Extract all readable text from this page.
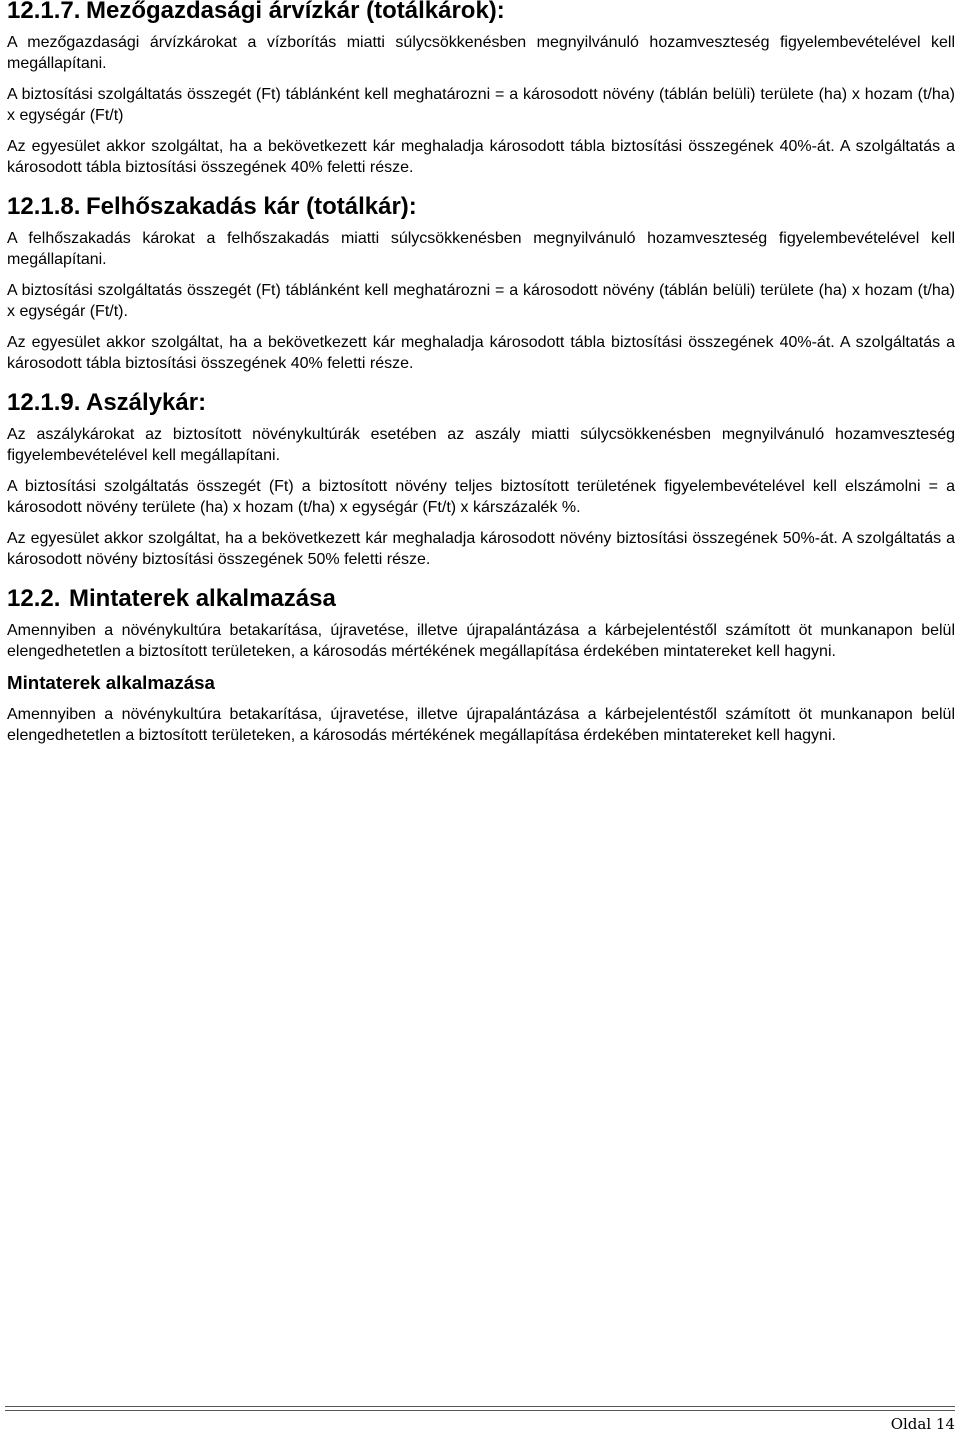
12.1.7. Mezőgazdasági árvízkár (totálkárok):

A mezőgazdasági árvízkárokat a vízborítás miatti súlycsökkenésben megnyilvánuló hozamveszteség figyelembevételével kell megállapítani.

A biztosítási szolgáltatás összegét (Ft) táblánként kell meghatározni = a károsodott növény (táblán belüli) területe (ha) x hozam (t/ha) x egységár (Ft/t)

Az egyesület akkor szolgáltat, ha a bekövetkezett kár meghaladja károsodott tábla biztosítási összegének 40%-át. A szolgáltatás a károsodott tábla biztosítási összegének 40% feletti része.

12.1.8. Felhőszakadás kár (totálkár):

A felhőszakadás károkat a felhőszakadás miatti súlycsökkenésben megnyilvánuló hozamveszteség figyelembevételével kell megállapítani.

A biztosítási szolgáltatás összegét (Ft) táblánként kell meghatározni = a károsodott növény (táblán belüli) területe (ha) x hozam (t/ha) x egységár (Ft/t).

Az egyesület akkor szolgáltat, ha a bekövetkezett kár meghaladja károsodott tábla biztosítási összegének 40%-át. A szolgáltatás a károsodott tábla biztosítási összegének 40% feletti része.

12.1.9. Aszálykár:

Az aszálykárokat az biztosított növénykultúrák esetében az aszály miatti súlycsökkenésben megnyilvánuló hozamveszteség figyelembevételével kell megállapítani.

A biztosítási szolgáltatás összegét (Ft) a biztosított növény teljes biztosított területének figyelembevételével kell elszámolni = a károsodott növény területe (ha) x hozam (t/ha) x egységár (Ft/t) x kárszázalék %.

Az egyesület akkor szolgáltat, ha a bekövetkezett kár meghaladja károsodott növény biztosítási összegének 50%-át. A szolgáltatás a károsodott növény biztosítási összegének 50% feletti része.

12.2. Mintaterek alkalmazása

Amennyiben a növénykultúra betakarítása, újravetése, illetve újrapalántázása a kárbejelentéstől számított öt munkanapon belül elengedhetetlen a biztosított területeken, a károsodás mértékének megállapítása érdekében mintatereket kell hagyni.

Mintaterek alkalmazása

Amennyiben a növénykultúra betakarítása, újravetése, illetve újrapalántázása a kárbejelentéstől számított öt munkanapon belül elengedhetetlen a biztosított területeken, a károsodás mértékének megállapítása érdekében mintatereket kell hagyni.

Oldal 14
